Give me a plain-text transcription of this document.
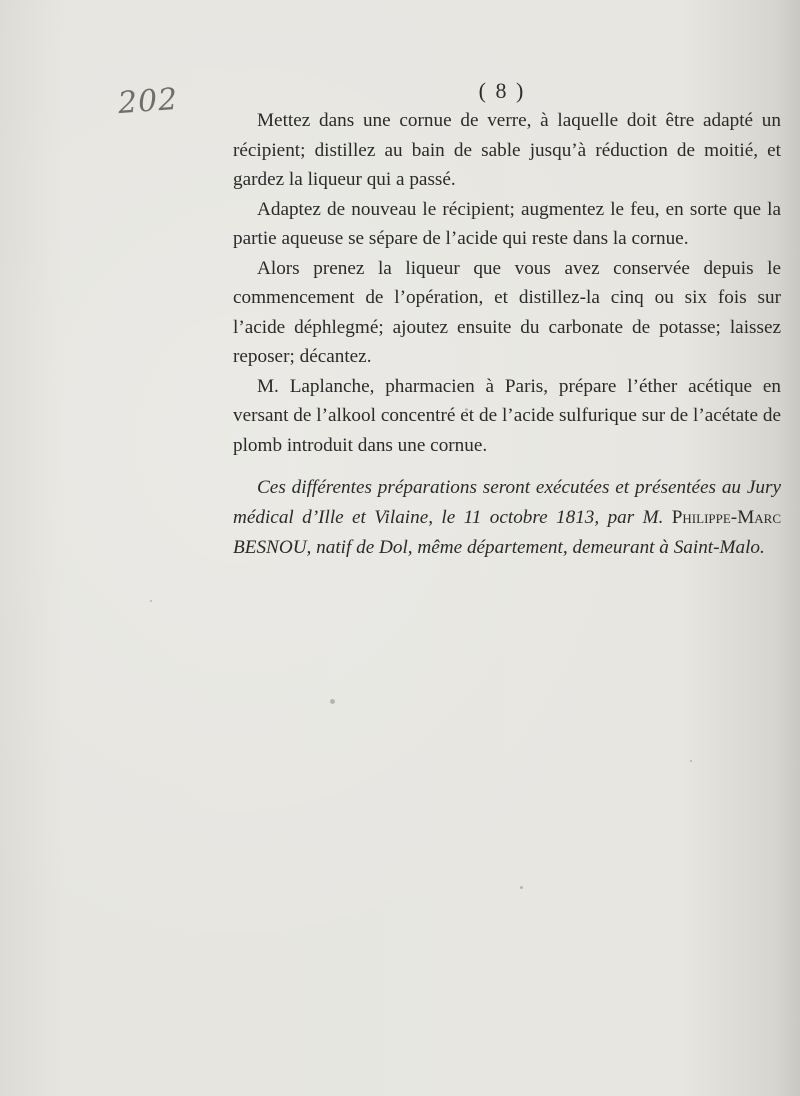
202	( 8 )

Mettez dans une cornue de verre, à laquelle doit être adapté un récipient; distillez au bain de sable jusqu’à réduction de moitié, et gardez la liqueur qui a passé.

Adaptez de nouveau le récipient; augmentez le feu, en sorte que la partie aqueuse se sépare de l’acide qui reste dans la cornue.

Alors prenez la liqueur que vous avez conservée depuis le commencement de l’opération, et distillez-la cinq ou six fois sur l’acide déphlegmé; ajoutez ensuite du carbonate de potasse; laissez reposer; décantez.

M. Laplanche, pharmacien à Paris, prépare l’éther acétique en versant de l’alkool concentré et de l’acide sulfurique sur de l’acétate de plomb introduit dans une cornue.

Ces différentes préparations seront exécutées et présentées au Jury médical d’Ille et Vilaine, le 11 octobre 1813, par M. Philippe-Marc BESNOU, natif de Dol, même département, demeurant à Saint-Malo.
